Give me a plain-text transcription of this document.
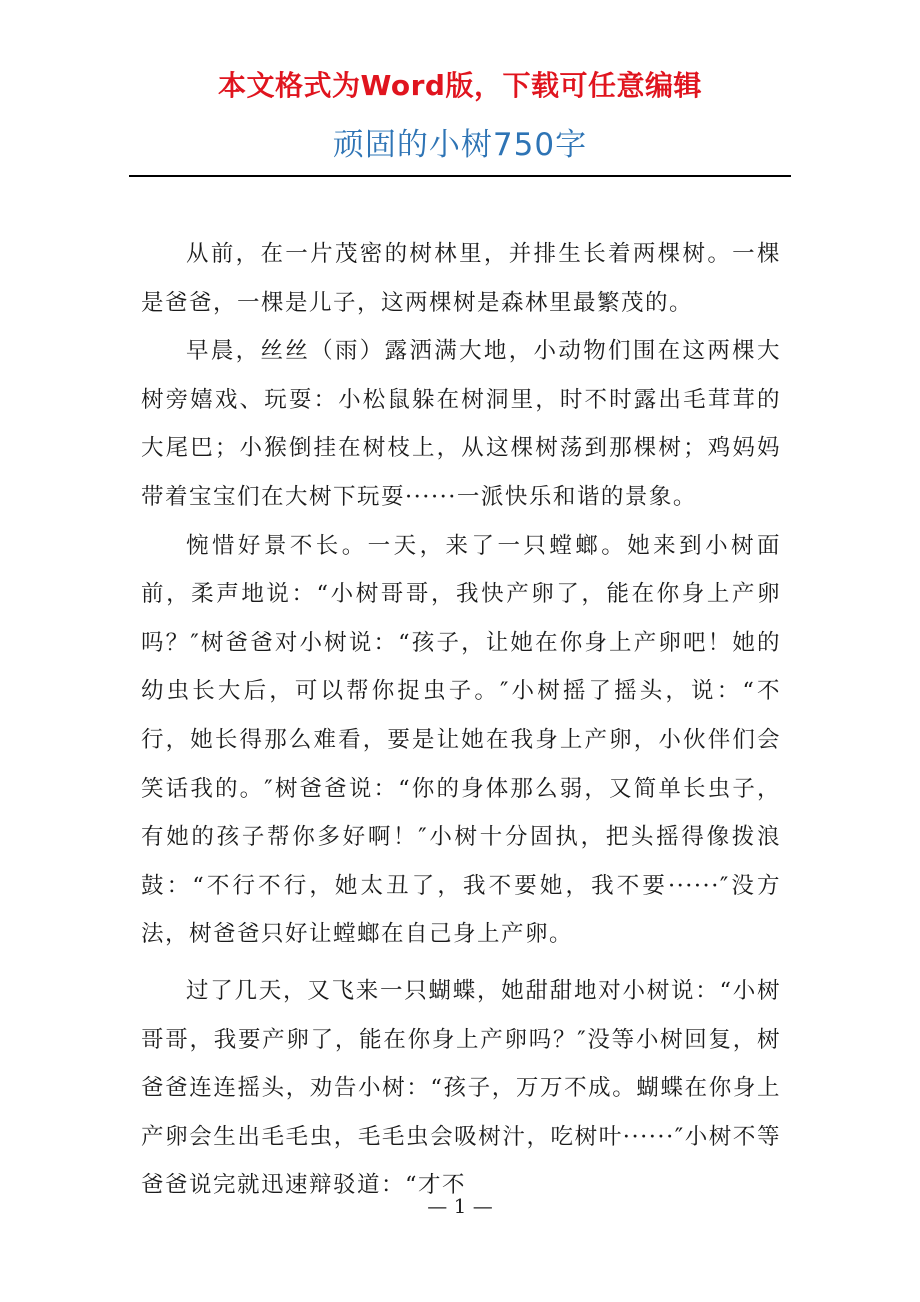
本文格式为Word版，下载可任意编辑
顽固的小树750字

从前，在一片茂密的树林里，并排生长着两棵树。一棵是爸爸，一棵是儿子，这两棵树是森林里最繁茂的。

早晨，丝丝（雨）露洒满大地，小动物们围在这两棵大树旁嬉戏、玩耍：小松鼠躲在树洞里，时不时露出毛茸茸的大尾巴；小猴倒挂在树枝上，从这棵树荡到那棵树；鸡妈妈带着宝宝们在大树下玩耍······一派快乐和谐的景象。

惋惜好景不长。一天，来了一只螳螂。她来到小树面前，柔声地说：“小树哥哥，我快产卵了，能在你身上产卵吗？″树爸爸对小树说：“孩子，让她在你身上产卵吧！她的幼虫长大后，可以帮你捉虫子。″小树摇了摇头，说：“不行，她长得那么难看，要是让她在我身上产卵，小伙伴们会笑话我的。″树爸爸说：“你的身体那么弱，又简单长虫子，有她的孩子帮你多好啊！″小树十分固执，把头摇得像拨浪鼓：“不行不行，她太丑了，我不要她，我不要······″没方法，树爸爸只好让螳螂在自己身上产卵。

过了几天，又飞来一只蝴蝶，她甜甜地对小树说：“小树哥哥，我要产卵了，能在你身上产卵吗？″没等小树回复，树爸爸连连摇头，劝告小树：“孩子，万万不成。蝴蝶在你身上产卵会生出毛毛虫，毛毛虫会吸树汁，吃树叶······″小树不等爸爸说完就迅速辩驳道：“才不

— 1 —
